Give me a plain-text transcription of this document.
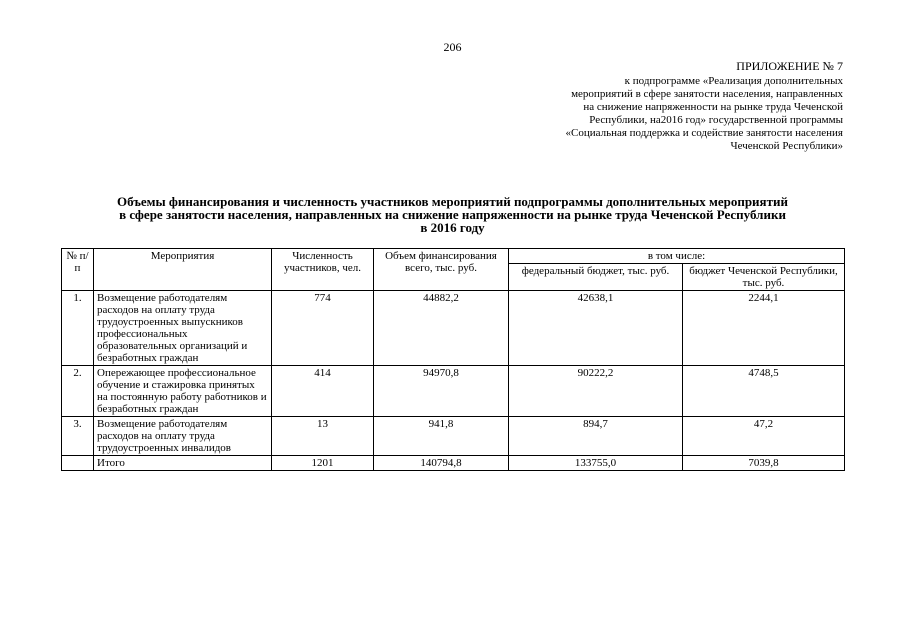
206
ПРИЛОЖЕНИЕ № 7
к подпрограмме «Реализация дополнительных
мероприятий в сфере занятости населения, направленных
на снижение напряженности на рынке труда Чеченской
Республики, на2016 год» государственной программы
«Социальная поддержка и содействие занятости населения
Чеченской Республики»
Объемы финансирования и численность участников мероприятий подпрограммы дополнительных мероприятий
в сфере занятости населения, направленных на снижение напряженности на рынке труда Чеченской Республики
в 2016 году
№ п/п	Мероприятия	Численность участников, чел.	Объем финансирования всего, тыс. руб.	в том числе:	
				федеральный бюджет, тыс. руб.	бюджет Чеченской Республики, тыс. руб.
1.	Возмещение работодателям расходов на оплату труда трудоустроенных выпускников профессиональных образовательных организаций и безработных граждан	774	44882,2	42638,1	2244,1
2.	Опережающее профессиональное обучение и стажировка принятых на постоянную работу работников и безработных граждан	414	94970,8	90222,2	4748,5
3.	Возмещение работодателям расходов на оплату труда трудоустроенных инвалидов	13	941,8	894,7	47,2
	Итого	1201	140794,8	133755,0	7039,8
